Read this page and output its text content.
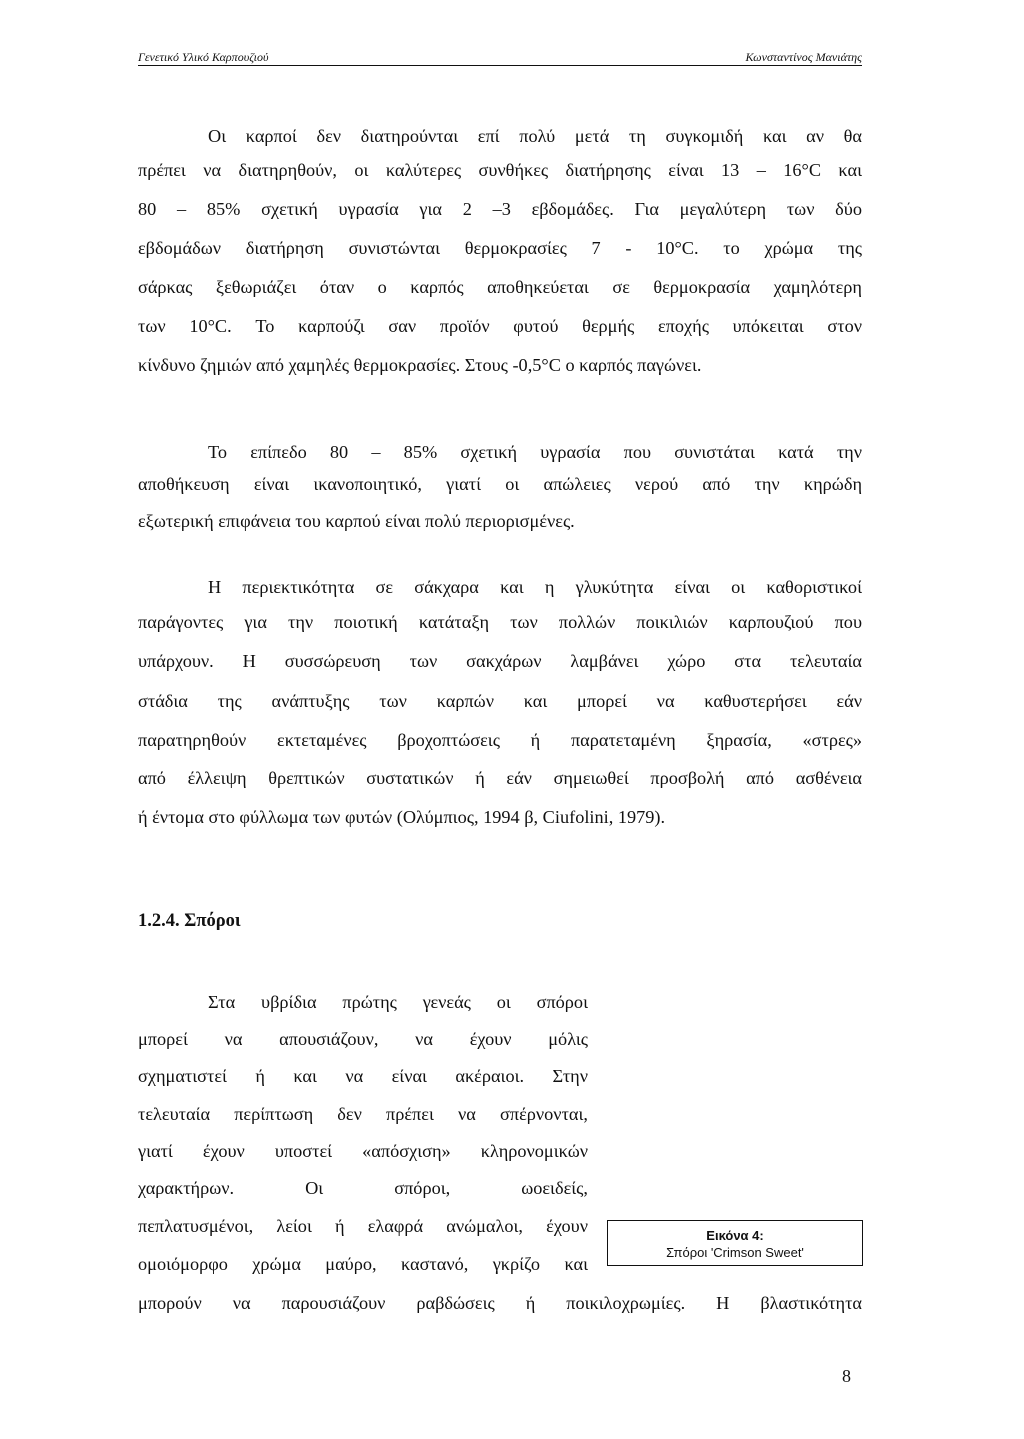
Γενετικό Υλικό Καρπουζιού	Κωνσταντίνος Μανιάτης
Οι καρποί δεν διατηρούνται επί πολύ μετά τη συγκομιδή και αν θα
πρέπει να διατηρηθούν, οι καλύτερες συνθήκες διατήρησης είναι 13 – 16°C και
80 – 85% σχετική υγρασία για 2 –3 εβδομάδες. Για μεγαλύτερη των δύο
εβδομάδων διατήρηση συνιστώνται θερμοκρασίες 7 - 10°C. το χρώμα της
σάρκας ξεθωριάζει όταν ο καρπός αποθηκεύεται σε θερμοκρασία χαμηλότερη
των 10°C. Το καρπούζι σαν προϊόν φυτού θερμής εποχής υπόκειται στον
κίνδυνο ζημιών από χαμηλές θερμοκρασίες. Στους -0,5°C ο καρπός παγώνει.
Το επίπεδο 80 – 85% σχετική υγρασία που συνιστάται κατά την
αποθήκευση είναι ικανοποιητικό, γιατί οι απώλειες νερού από την κηρώδη
εξωτερική επιφάνεια του καρπού είναι πολύ περιορισμένες.
Η περιεκτικότητα σε σάκχαρα και η γλυκύτητα είναι οι καθοριστικοί
παράγοντες για την ποιοτική κατάταξη των πολλών ποικιλιών καρπουζιού που
υπάρχουν. Η συσσώρευση των σακχάρων λαμβάνει χώρο στα τελευταία
στάδια της ανάπτυξης των καρπών και μπορεί να καθυστερήσει εάν
παρατηρηθούν εκτεταμένες βροχοπτώσεις ή παρατεταμένη ξηρασία, «στρες»
από έλλειψη θρεπτικών συστατικών ή εάν σημειωθεί προσβολή από ασθένεια
ή έντομα στο φύλλωμα των φυτών (Ολύμπιος, 1994 β, Ciufolini, 1979).
1.2.4. Σπόροι
Στα υβρίδια πρώτης γενεάς οι σπόροι
μπορεί να απουσιάζουν, να έχουν μόλις
σχηματιστεί ή και να είναι ακέραιοι. Στην
τελευταία περίπτωση δεν πρέπει να σπέρνονται,
γιατί έχουν υποστεί «απόσχιση» κληρονομικών
χαρακτήρων. Οι σπόροι, ωοειδείς,
πεπλατυσμένοι, λείοι ή ελαφρά ανώμαλοι, έχουν
ομοιόμορφο χρώμα μαύρο, καστανό, γκρίζο και
μπορούν να παρουσιάζουν ραβδώσεις ή ποικιλοχρωμίες. Η βλαστικότητα
Εικόνα 4:
Σπόροι 'Crimson Sweet'
8
